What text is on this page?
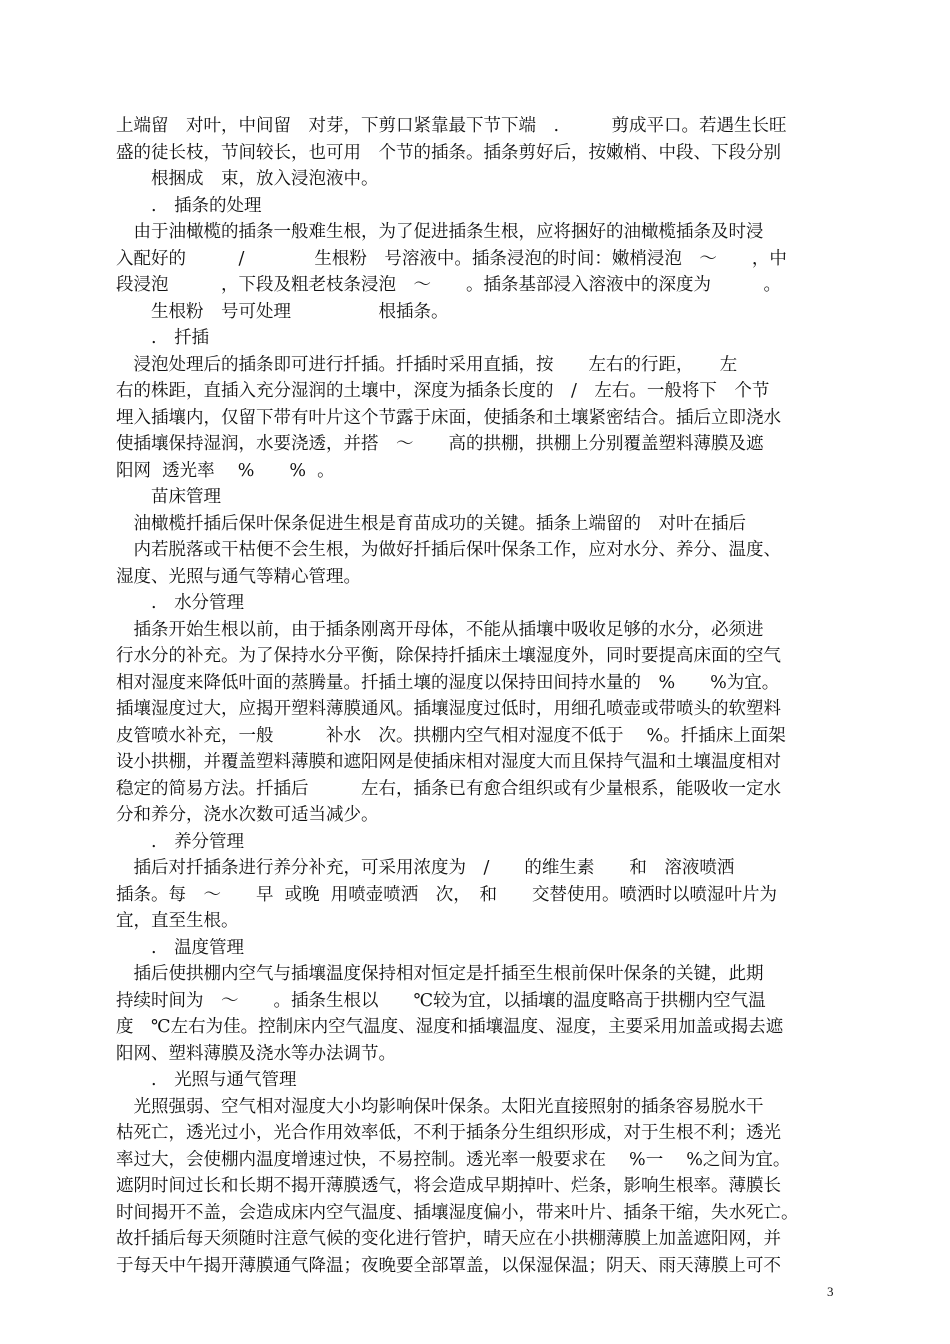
上端留　对叶，中间留　对芽，下剪口紧靠最下节下端　.　　　剪成平口。若遇生长旺
盛的徒长枝，节间较长，也可用　个节的插条。插条剪好后，按嫩梢、中段、下段分别
　　根捆成　束，放入浸泡液中。
　　.　插条的处理
　由于油橄榄的插条一般难生根，为了促进插条生根，应将捆好的油橄榄插条及时浸
入配好的　　　/　　　　生根粉　号溶液中。插条浸泡的时间：嫩梢浸泡　～　　，中
段浸泡　　　，下段及粗老枝条浸泡　～　　。插条基部浸入溶液中的深度为　　　。
　　生根粉　号可处理　　　　　根插条。
　　.　扦插
　浸泡处理后的插条即可进行扦插。扦插时采用直插，按　　左右的行距，　　左
右的株距，直插入充分湿润的土壤中，深度为插条长度的　/　左右。一般将下　个节
埋入插壤内，仅留下带有叶片这个节露于床面，使插条和土壤紧密结合。插后立即浇水
使插壤保持湿润，水要浇透，并搭　～　　高的拱棚，拱棚上分别覆盖塑料薄膜及遮
阳网  透光率　 %　　%  。
　　苗床管理
　油橄榄扦插后保叶保条促进生根是育苗成功的关键。插条上端留的　对叶在插后
　内若脱落或干枯便不会生根，为做好扦插后保叶保条工作，应对水分、养分、温度、
湿度、光照与通气等精心管理。
　　.　水分管理
　插条开始生根以前，由于插条刚离开母体，不能从插壤中吸收足够的水分，必须进
行水分的补充。为了保持水分平衡，除保持扦插床土壤湿度外，同时要提高床面的空气
相对湿度来降低叶面的蒸腾量。扦插土壤的湿度以保持田间持水量的　%　　%为宜。
插壤湿度过大，应揭开塑料薄膜通风。插壤湿度过低时，用细孔喷壶或带喷头的软塑料
皮管喷水补充，一般　　　补水　次。拱棚内空气相对湿度不低于　 %。扦插床上面架
设小拱棚，并覆盖塑料薄膜和遮阳网是使插床相对湿度大而且保持气温和土壤温度相对
稳定的简易方法。扦插后　　　左右，插条已有愈合组织或有少量根系，能吸收一定水
分和养分，浇水次数可适当减少。
　　.　养分管理
　插后对扦插条进行养分补充，可采用浓度为　/　　的维生素　　和　溶液喷洒
插条。每　～　　早  或晚  用喷壶喷洒　次，　和　　交替使用。喷洒时以喷湿叶片为
宜，直至生根。
　　.　温度管理
　插后使拱棚内空气与插壤温度保持相对恒定是扦插至生根前保叶保条的关键，此期
持续时间为　～　　。插条生根以　　℃较为宜，以插壤的温度略高于拱棚内空气温
度　℃左右为佳。控制床内空气温度、湿度和插壤温度、湿度，主要采用加盖或揭去遮
阳网、塑料薄膜及浇水等办法调节。
　　.　光照与通气管理
　光照强弱、空气相对湿度大小均影响保叶保条。太阳光直接照射的插条容易脱水干
枯死亡，透光过小，光合作用效率低，不利于插条分生组织形成，对于生根不利；透光
率过大，会使棚内温度增速过快，不易控制。透光率一般要求在　 %一　 %之间为宜。
遮阴时间过长和长期不揭开薄膜透气，将会造成早期掉叶、烂条，影响生根率。薄膜长
时间揭开不盖，会造成床内空气温度、插壤湿度偏小，带来叶片、插条干缩，失水死亡。
故扦插后每天须随时注意气候的变化进行管护，晴天应在小拱棚薄膜上加盖遮阳网，并
于每天中午揭开薄膜通气降温；夜晚要全部罩盖，以保湿保温；阴天、雨天薄膜上可不
3
